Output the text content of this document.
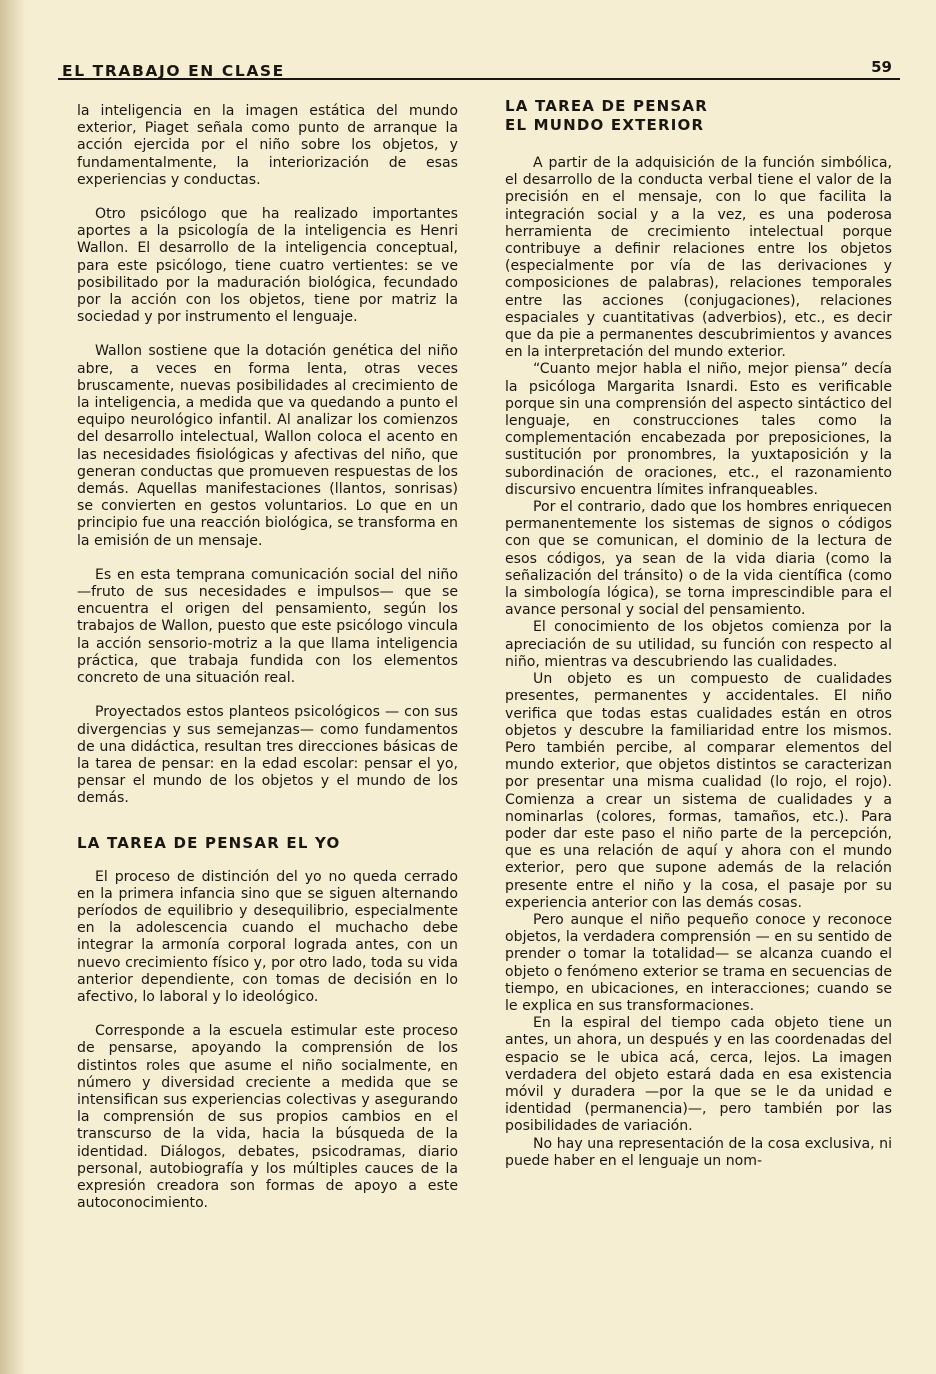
EL TRABAJO EN CLASE	59

la inteligencia en la imagen estática del mundo exterior, Piaget señala como punto de arranque la acción ejercida por el niño sobre los objetos, y fundamentalmente, la interiorización de esas experiencias y conductas.

Otro psicólogo que ha realizado importantes aportes a la psicología de la inteligencia es Henri Wallon. El desarrollo de la inteligencia conceptual, para este psicólogo, tiene cuatro vertientes: se ve posibilitado por la maduración biológica, fecundado por la acción con los objetos, tiene por matriz la sociedad y por instrumento el lenguaje.

Wallon sostiene que la dotación genética del niño abre, a veces en forma lenta, otras veces bruscamente, nuevas posibilidades al crecimiento de la inteligencia, a medida que va quedando a punto el equipo neurológico infantil. Al analizar los comienzos del desarrollo intelectual, Wallon coloca el acento en las necesidades fisiológicas y afectivas del niño, que generan conductas que promueven respuestas de los demás. Aquellas manifestaciones (llantos, sonrisas) se convierten en gestos voluntarios. Lo que en un principio fue una reacción biológica, se transforma en la emisión de un mensaje.

Es en esta temprana comunicación social del niño —fruto de sus necesidades e impulsos— que se encuentra el origen del pensamiento, según los trabajos de Wallon, puesto que este psicólogo vincula la acción sensorio-motriz a la que llama inteligencia práctica, que trabaja fundida con los elementos concreto de una situación real.

Proyectados estos planteos psicológicos — con sus divergencias y sus semejanzas— como fundamentos de una didáctica, resultan tres direcciones básicas de la tarea de pensar: en la edad escolar: pensar el yo, pensar el mundo de los objetos y el mundo de los demás.

LA TAREA DE PENSAR EL YO

El proceso de distinción del yo no queda cerrado en la primera infancia sino que se siguen alternando períodos de equilibrio y desequilibrio, especialmente en la adolescencia cuando el muchacho debe integrar la armonía corporal lograda antes, con un nuevo crecimiento físico y, por otro lado, toda su vida anterior dependiente, con tomas de decisión en lo afectivo, lo laboral y lo ideológico.

Corresponde a la escuela estimular este proceso de pensarse, apoyando la comprensión de los distintos roles que asume el niño socialmente, en número y diversidad creciente a medida que se intensifican sus experiencias colectivas y asegurando la comprensión de sus propios cambios en el transcurso de la vida, hacia la búsqueda de la identidad. Diálogos, debates, psicodramas, diario personal, autobiografía y los múltiples cauces de la expresión creadora son formas de apoyo a este autoconocimiento.

LA TAREA DE PENSAR
EL MUNDO EXTERIOR

A partir de la adquisición de la función simbólica, el desarrollo de la conducta verbal tiene el valor de la precisión en el mensaje, con lo que facilita la integración social y a la vez, es una poderosa herramienta de crecimiento intelectual porque contribuye a definir relaciones entre los objetos (especialmente por vía de las derivaciones y composiciones de palabras), relaciones temporales entre las acciones (conjugaciones), relaciones espaciales y cuantitativas (adverbios), etc., es decir que da pie a permanentes descubrimientos y avances en la interpretación del mundo exterior.

“Cuanto mejor habla el niño, mejor piensa” decía la psicóloga Margarita Isnardi. Esto es verificable porque sin una comprensión del aspecto sintáctico del lenguaje, en construcciones tales como la complementación encabezada por preposiciones, la sustitución por pronombres, la yuxtaposición y la subordinación de oraciones, etc., el razonamiento discursivo encuentra límites infranqueables.

Por el contrario, dado que los hombres enriquecen permanentemente los sistemas de signos o códigos con que se comunican, el dominio de la lectura de esos códigos, ya sean de la vida diaria (como la señalización del tránsito) o de la vida científica (como la simbología lógica), se torna imprescindible para el avance personal y social del pensamiento.

El conocimiento de los objetos comienza por la apreciación de su utilidad, su función con respecto al niño, mientras va descubriendo las cualidades.

Un objeto es un compuesto de cualidades presentes, permanentes y accidentales. El niño verifica que todas estas cualidades están en otros objetos y descubre la familiaridad entre los mismos. Pero también percibe, al comparar elementos del mundo exterior, que objetos distintos se caracterizan por presentar una misma cualidad (lo rojo, el rojo). Comienza a crear un sistema de cualidades y a nominarlas (colores, formas, tamaños, etc.). Para poder dar este paso el niño parte de la percepción, que es una relación de aquí y ahora con el mundo exterior, pero que supone además de la relación presente entre el niño y la cosa, el pasaje por su experiencia anterior con las demás cosas.

Pero aunque el niño pequeño conoce y reconoce objetos, la verdadera comprensión — en su sentido de prender o tomar la totalidad— se alcanza cuando el objeto o fenómeno exterior se trama en secuencias de tiempo, en ubicaciones, en interacciones; cuando se le explica en sus transformaciones.

En la espiral del tiempo cada objeto tiene un antes, un ahora, un después y en las coordenadas del espacio se le ubica acá, cerca, lejos. La imagen verdadera del objeto estará dada en esa existencia móvil y duradera —por la que se le da unidad e identidad (permanencia)—, pero también por las posibilidades de variación.

No hay una representación de la cosa exclusiva, ni puede haber en el lenguaje un nom-
